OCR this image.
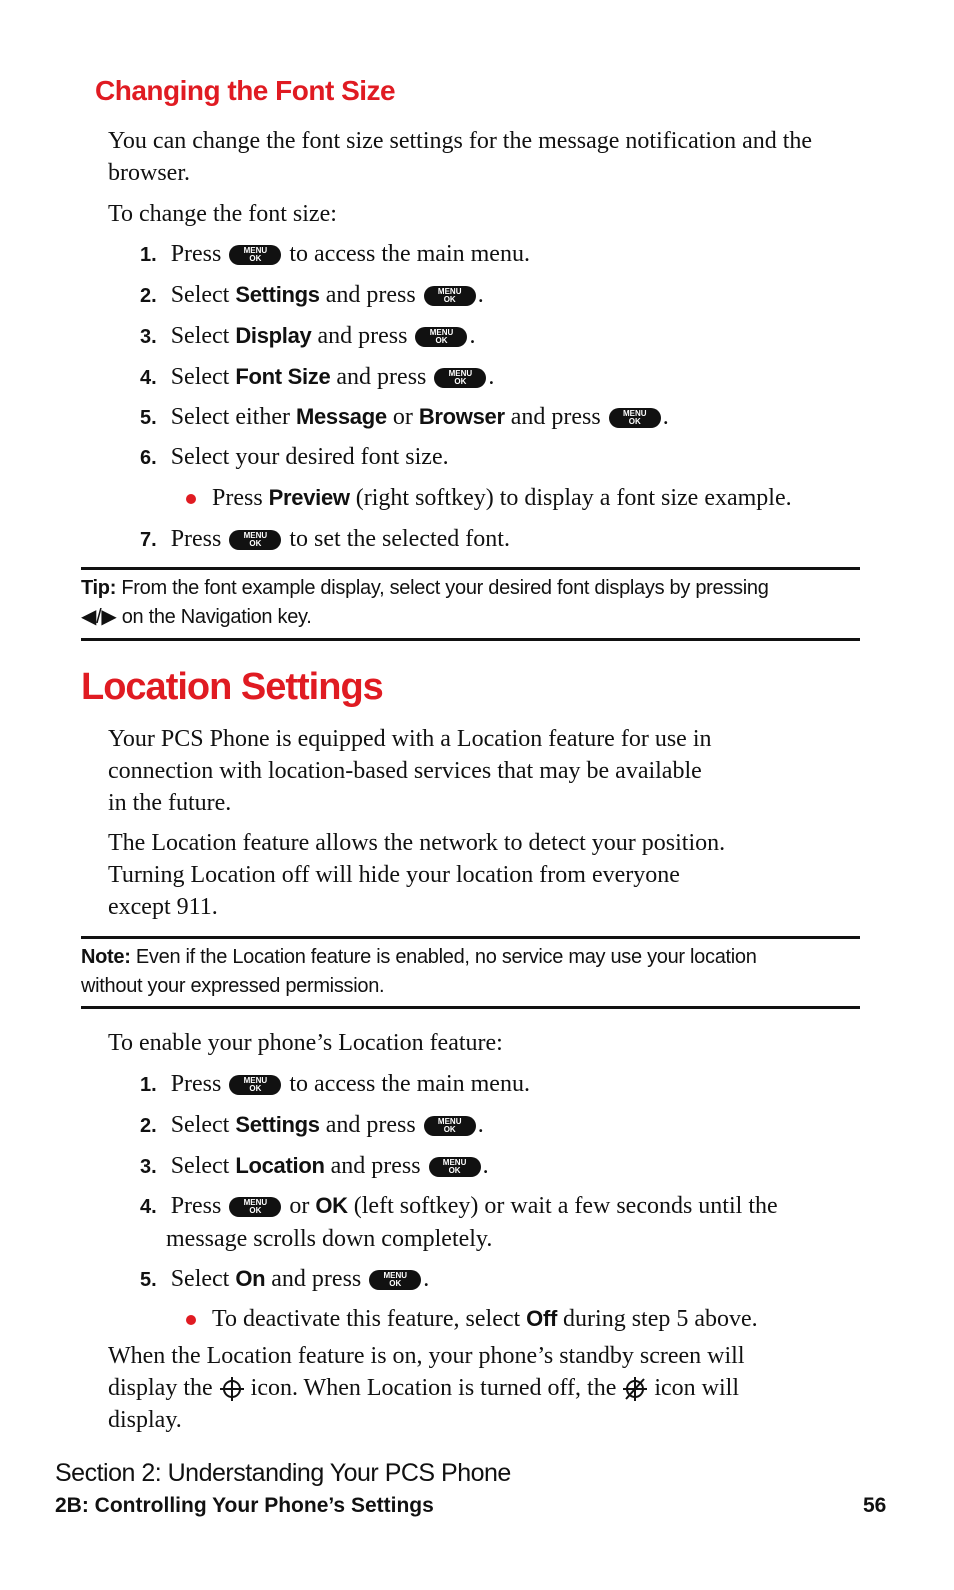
Changing the Font Size
You can change the font size settings for the message notification and the browser.
To change the font size:
1. Press	MENU
OK	to access the main menu.
2. Select Settings and press	MENU
OK .
3. Select Display and press	MENU
OK .
4. Select Font Size and press	MENU
OK .
5. Select either Message or Browser and press	MENU
OK .
6. Select your desired font size.
Press Preview (right softkey) to display a font size example.
7. Press	MENU
OK	to set the selected font.
Tip: From the font example display, select your desired font displays by pressing
◀/▶ on the Navigation key.
Location Settings
Your PCS Phone is equipped with a Location feature for use in
connection with location-based services that may be available
in the future.
The Location feature allows the network to detect your position.
Turning Location off will hide your location from everyone
except 911.
Note: Even if the Location feature is enabled, no service may use your location
without your expressed permission.
To enable your phone’s Location feature:
1. Press	MENU
OK	to access the main menu.
2. Select Settings and press	MENU
OK .
3. Select Location and press	MENU
OK .
4. Press	MENU
OK	or OK (left softkey) or wait a few seconds until the
message scrolls down completely.
5. Select On and press	MENU
OK .
To deactivate this feature, select Off during step 5 above.
When the Location feature is on, your phone’s standby screen will
display the icon. When Location is turned off, the icon will
display.
Section 2: Understanding Your PCS Phone
2B: Controlling Your Phone’s Settings	56
